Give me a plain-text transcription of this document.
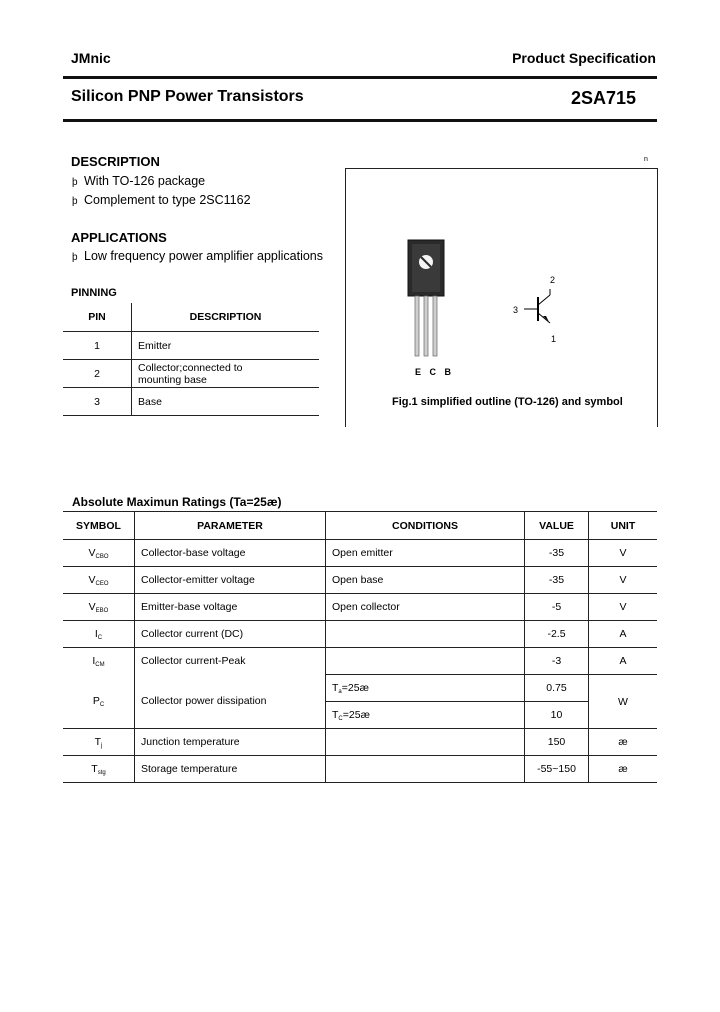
JMnic	Product Specification
Silicon PNP Power Transistors	2SA715
DESCRIPTION
þ With TO-126 package
þ Complement to type 2SC1162
APPLICATIONS
þ Low frequency power amplifier applications
PINNING
PIN	DESCRIPTION
1	Emitter
2	Collector;connected to
mounting base

3	Base
n
E C B
2
3
1
Fig.1 simplified outline (TO-126) and symbol
Absolute Maximun Ratings (Ta=25æ)
SYMBOL	PARAMETER	CONDITIONS	VALUE	UNIT
$V_{CBO}$	Collector-base voltage	Open emitter	-35	V
$V_{CEO}$	Collector-emitter voltage	Open base	-35	V
$V_{EBO}$	Emitter-base voltage	Open collector	-5	V
$I_C$	Collector current (DC)		-2.5	A
$I_{CM}$	Collector current-Peak		-3	A
$P_C$	Collector power dissipation	$T_a=25æ$	0.75	W
		$T_C=25æ$	10	
$T_j$	Junction temperature		150	æ
$T_{stg}$	Storage temperature		-55~150	æ
